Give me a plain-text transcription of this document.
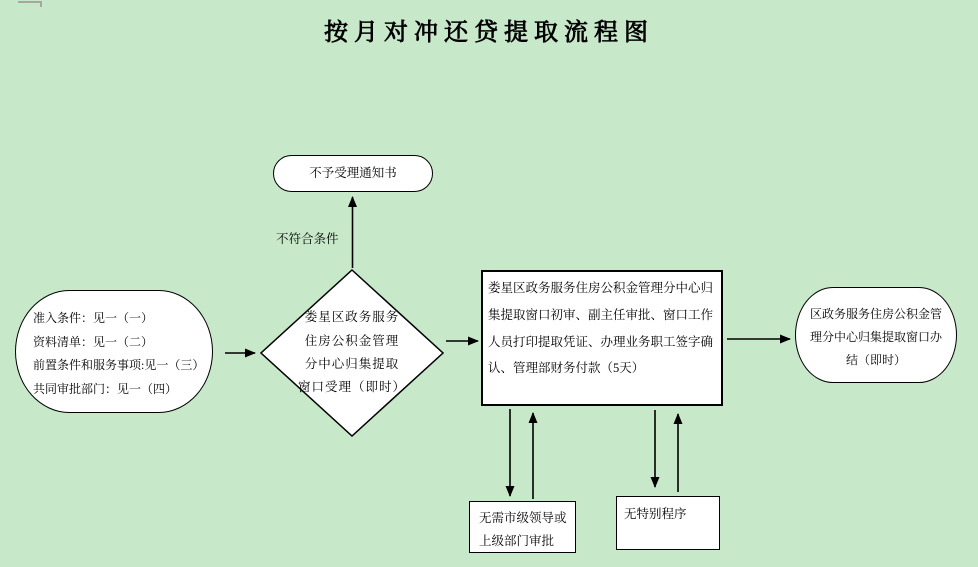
按月对冲还贷提取流程图
准入条件：见一（一）
资料清单：见一（二）
前置条件和服务事项:见一（三）
共同审批部门：见一（四）
娄星区政务服务
住房公积金管理
分中心归集提取
窗口受理（即时）
不予受理通知书
不符合条件
娄星区政务服务住房公积金管理分中心归集提取窗口初审、副主任审批、窗口工作人员打印提取凭证、办理业务职工签字确认、管理部财务付款（5天）
区政务服务住房公积金管
理分中心归集提取窗口办
结（即时）
无需市级领导或
上级部门审批
无特别程序
